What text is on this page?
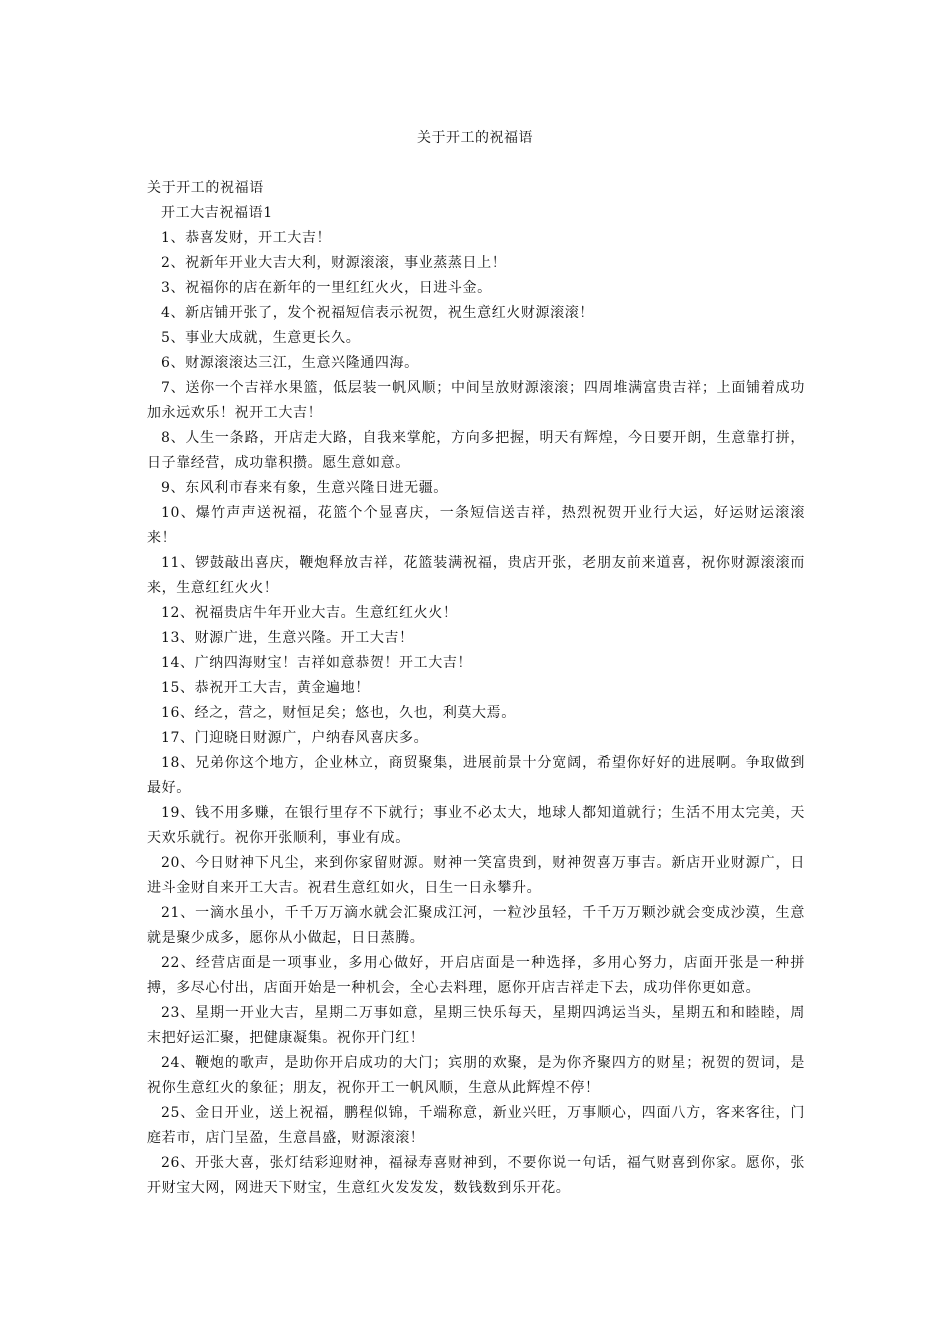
关于开工的祝福语

关于开工的祝福语

开工大吉祝福语1

1、恭喜发财，开工大吉！

2、祝新年开业大吉大利，财源滚滚，事业蒸蒸日上！

3、祝福你的店在新年的一里红红火火，日进斗金。

4、新店铺开张了，发个祝福短信表示祝贺，祝生意红火财源滚滚！

5、事业大成就，生意更长久。

6、财源滚滚达三江，生意兴隆通四海。

7、送你一个吉祥水果篮，低层装一帆风顺；中间呈放财源滚滚；四周堆满富贵吉祥；上面铺着成功加永远欢乐！祝开工大吉！

8、人生一条路，开店走大路，自我来掌舵，方向多把握，明天有辉煌，今日要开朗，生意靠打拼，日子靠经营，成功靠积攒。愿生意如意。

9、东风利市春来有象，生意兴隆日进无疆。

10、爆竹声声送祝福，花篮个个显喜庆，一条短信送吉祥，热烈祝贺开业行大运，好运财运滚滚来！

11、锣鼓敲出喜庆，鞭炮释放吉祥，花篮装满祝福，贵店开张，老朋友前来道喜，祝你财源滚滚而来，生意红红火火！

12、祝福贵店牛年开业大吉。生意红红火火！

13、财源广进，生意兴隆。开工大吉！

14、广纳四海财宝！吉祥如意恭贺！开工大吉！

15、恭祝开工大吉，黄金遍地！

16、经之，营之，财恒足矣；悠也，久也，利莫大焉。

17、门迎晓日财源广，户纳春风喜庆多。

18、兄弟你这个地方，企业林立，商贸聚集，进展前景十分宽阔，希望你好好的进展啊。争取做到最好。

19、钱不用多赚，在银行里存不下就行；事业不必太大，地球人都知道就行；生活不用太完美，天天欢乐就行。祝你开张顺利，事业有成。

20、今日财神下凡尘，来到你家留财源。财神一笑富贵到，财神贺喜万事吉。新店开业财源广，日进斗金财自来开工大吉。祝君生意红如火，日生一日永攀升。

21、一滴水虽小，千千万万滴水就会汇聚成江河，一粒沙虽轻，千千万万颗沙就会变成沙漠，生意就是聚少成多，愿你从小做起，日日蒸腾。

22、经营店面是一项事业，多用心做好，开启店面是一种选择，多用心努力，店面开张是一种拼搏，多尽心付出，店面开始是一种机会，全心去料理，愿你开店吉祥走下去，成功伴你更如意。

23、星期一开业大吉，星期二万事如意，星期三快乐每天，星期四鸿运当头，星期五和和睦睦，周末把好运汇聚，把健康凝集。祝你开门红！

24、鞭炮的歌声，是助你开启成功的大门；宾朋的欢聚，是为你齐聚四方的财星；祝贺的贺词，是祝你生意红火的象征；朋友，祝你开工一帆风顺，生意从此辉煌不停！

25、金日开业，送上祝福，鹏程似锦，千端称意，新业兴旺，万事顺心，四面八方，客来客往，门庭若市，店门呈盈，生意昌盛，财源滚滚！

26、开张大喜，张灯结彩迎财神，福禄寿喜财神到，不要你说一句话，福气财喜到你家。愿你，张开财宝大网，网进天下财宝，生意红火发发发，数钱数到乐开花。
